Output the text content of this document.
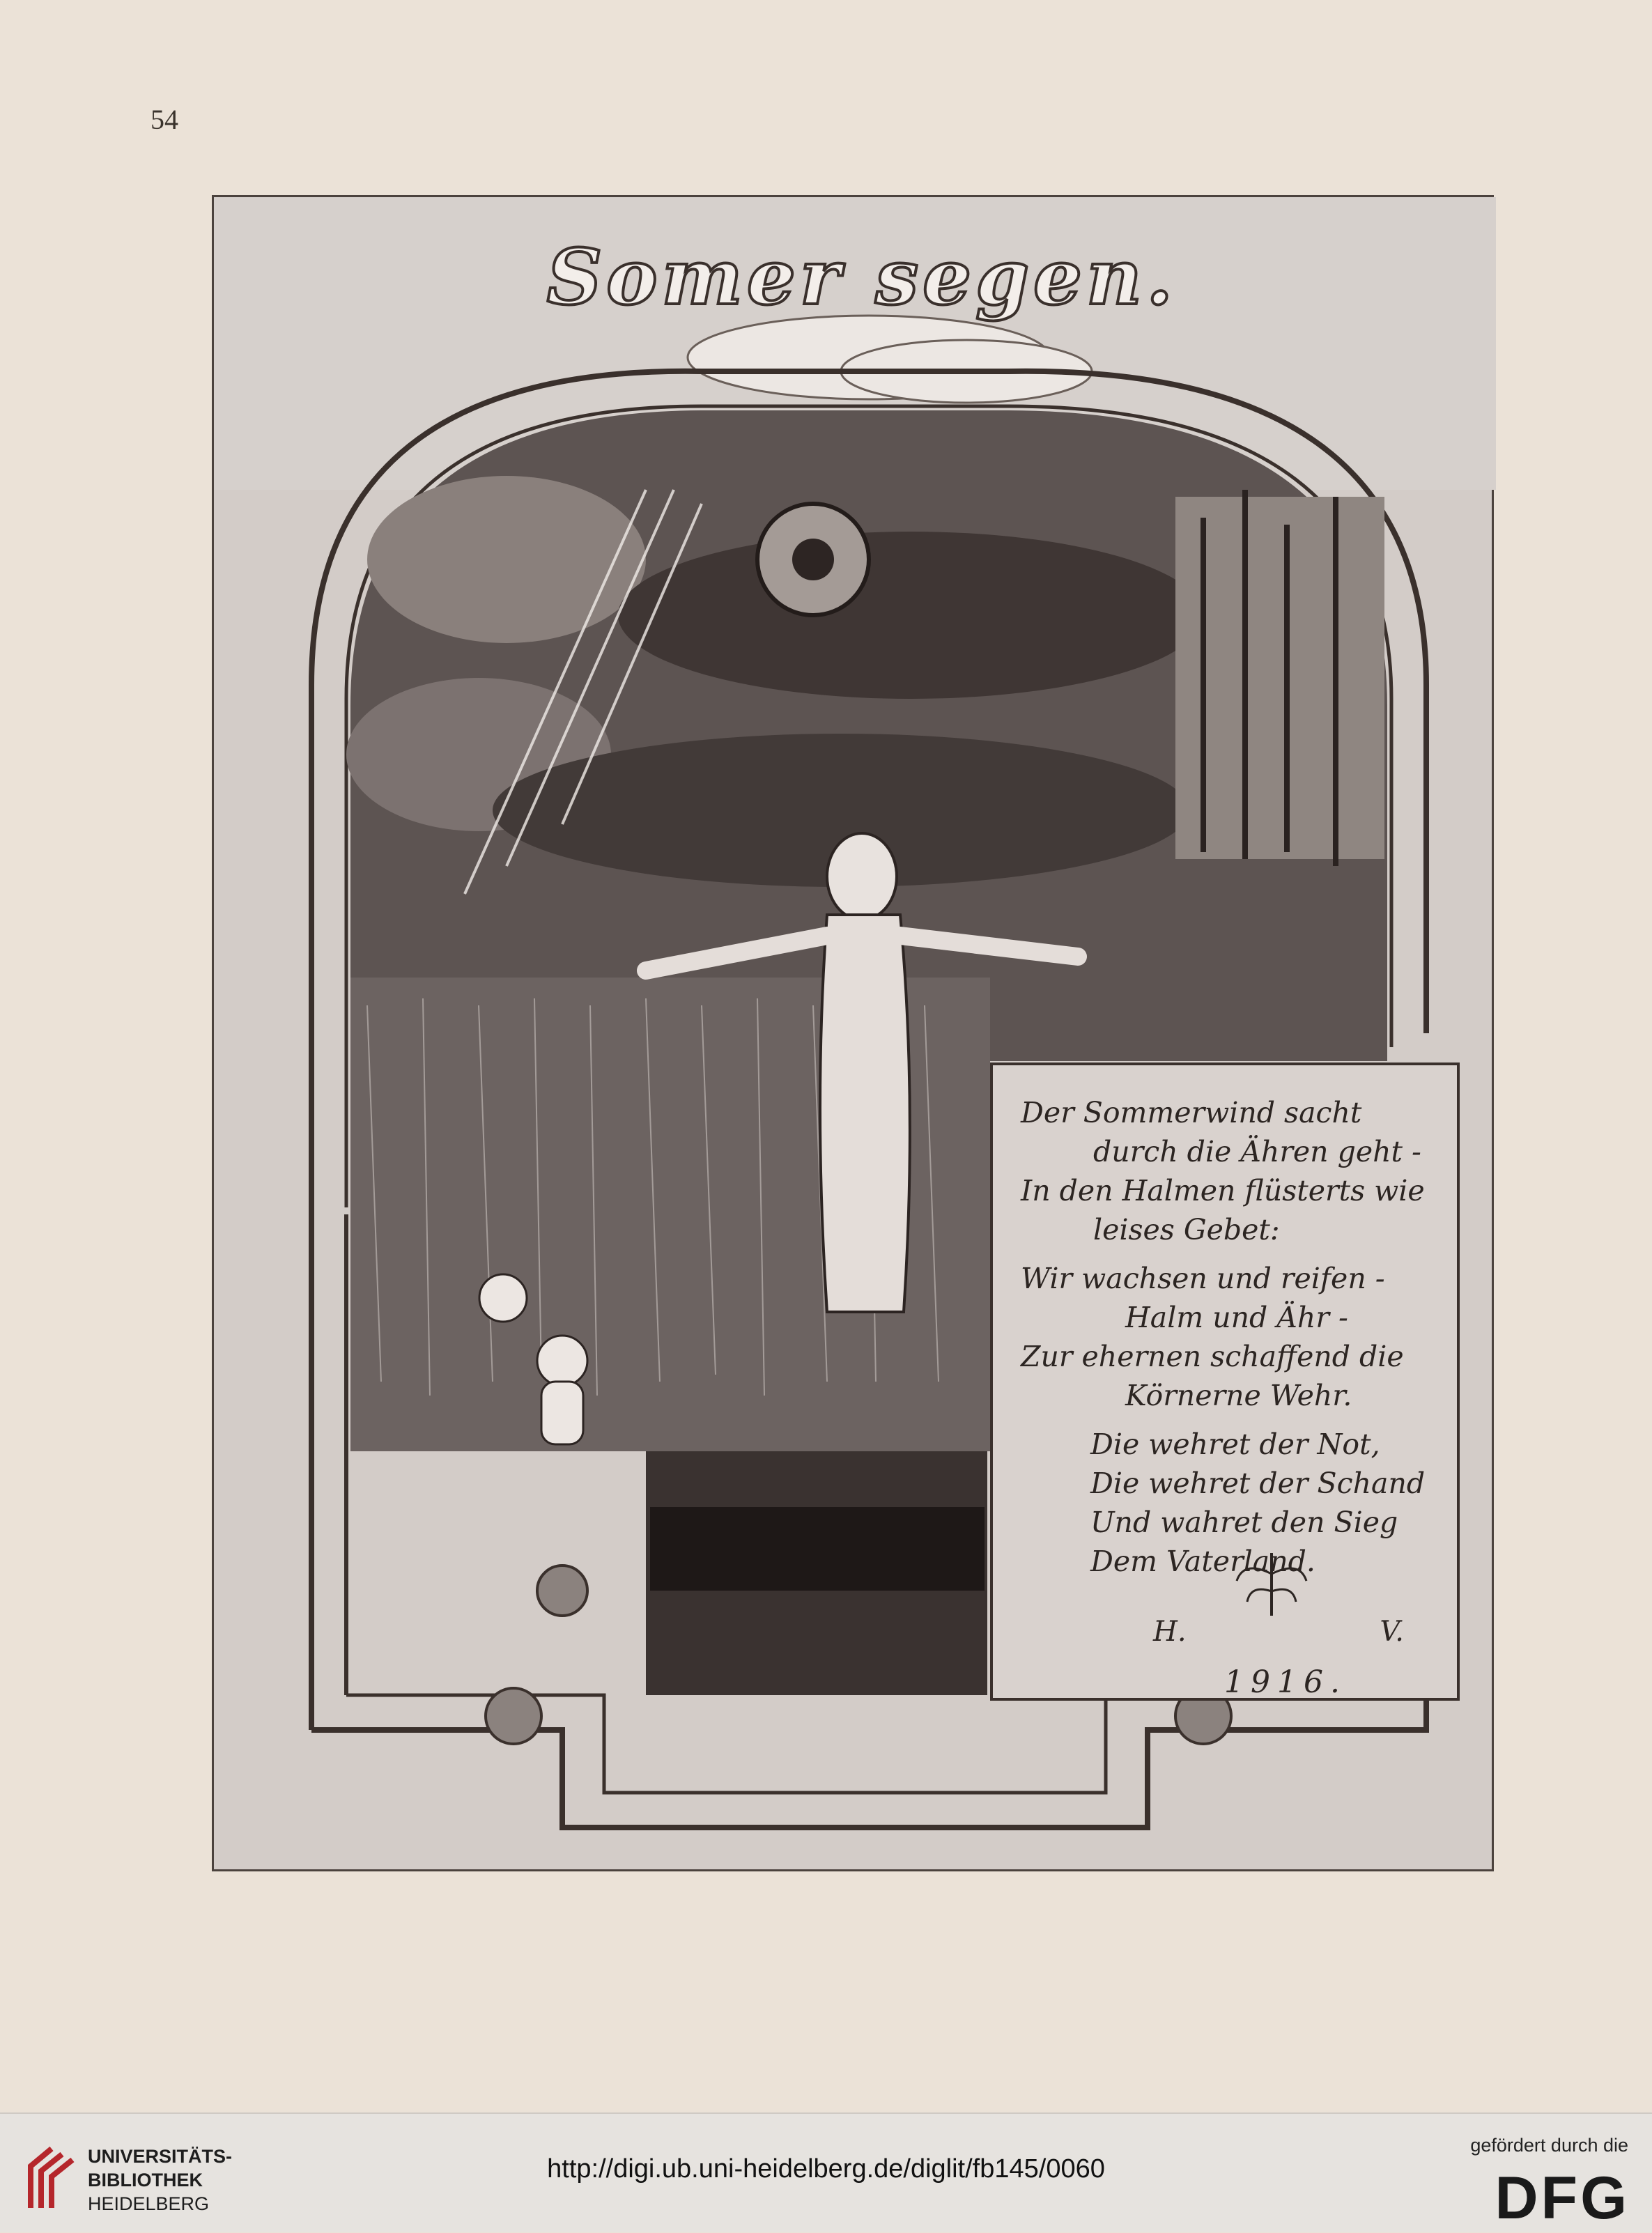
54
Somer segen.
Der Sommerwind sacht
durch die Ähren geht -
In den Halmen flüsterts wie
leises Gebet:
Wir wachsen und reifen -
Halm und Ähr -
Zur ehernen schaffend die
Körnerne Wehr.
Die wehret der Not,
Die wehret der Schand
Und wahret den Sieg
Dem Vaterland.
H.	V.
1916.
UNIVERSITÄTS-
BIBLIOTHEK
HEIDELBERG
http://digi.ub.uni-heidelberg.de/diglit/fb145/0060
gefördert durch die
DFG
